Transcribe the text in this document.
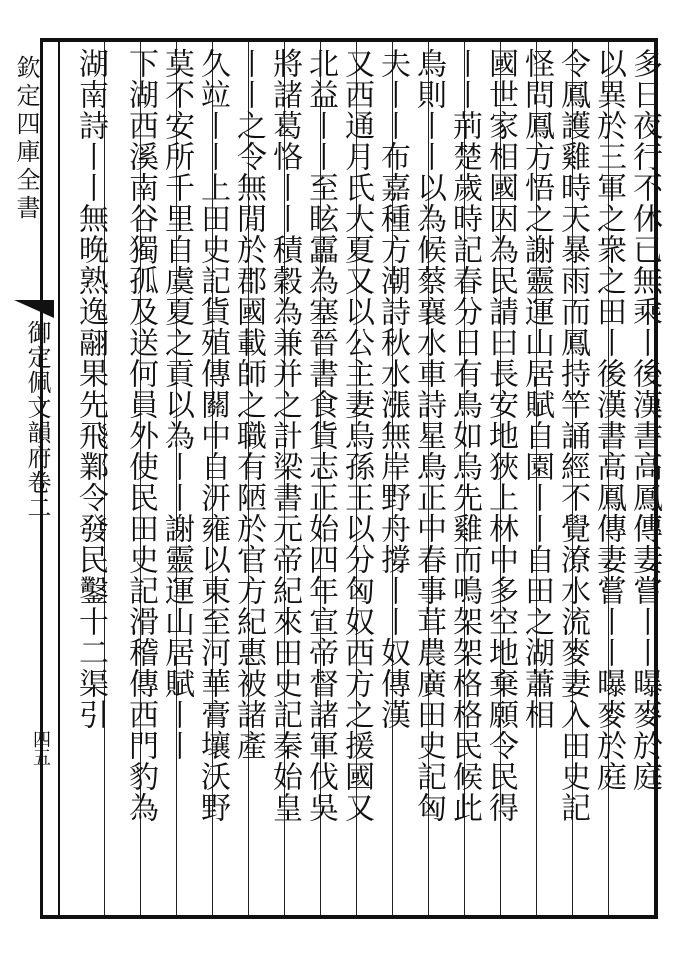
欽定四庫全書
御定佩文韻府卷二
四五	多日夜行不休已無乘丨後漢書高鳳傳妻嘗丨丨曝麥於庭
以異於三軍之衆之田丨後漢書高鳳傳妻嘗丨丨曝麥於庭
令鳳護雞時天暴雨而鳳持竿誦經不覺潦水流麥妻入田史記
怪問鳳方悟之謝靈運山居賦自園丨丨自田之湖蕭相
國世家相國因為民請曰長安地狹上林中多空地棄願令民得
丨丨荊楚歲時記春分日有鳥如烏先雞而鳴架架格格民候此
鳥則丨丨以為候蔡襄水車詩星鳥正中春事茸農廣田史記匈
夫丨丨布嘉種方潮詩秋水漲無岸野舟撐丨丨奴傳漢
又西通月氏大夏又以公主妻烏孫王以分匈奴西方之援國又
北益丨丨至眩靁為塞晉書食貨志正始四年宣帝督諸軍伐吳
將諸葛恪丨丨積穀為兼并之計梁書元帝紀來田史記秦始皇
丨丨之令無閒於郡國載師之職有陋於官方紀惠被諸產
久竝丨丨上田史記貨殖傳關中自汧雍以東至河華膏壤沃野
莫不安所千里自虞夏之貢以為丨丨謝靈運山居賦丨丨
下湖西溪南谷獨孤及送何員外使民田史記滑稽傳西門豹為
湖南詩丨丨無晚熟逸翮果先飛鄴令發民鑿十二渠引
